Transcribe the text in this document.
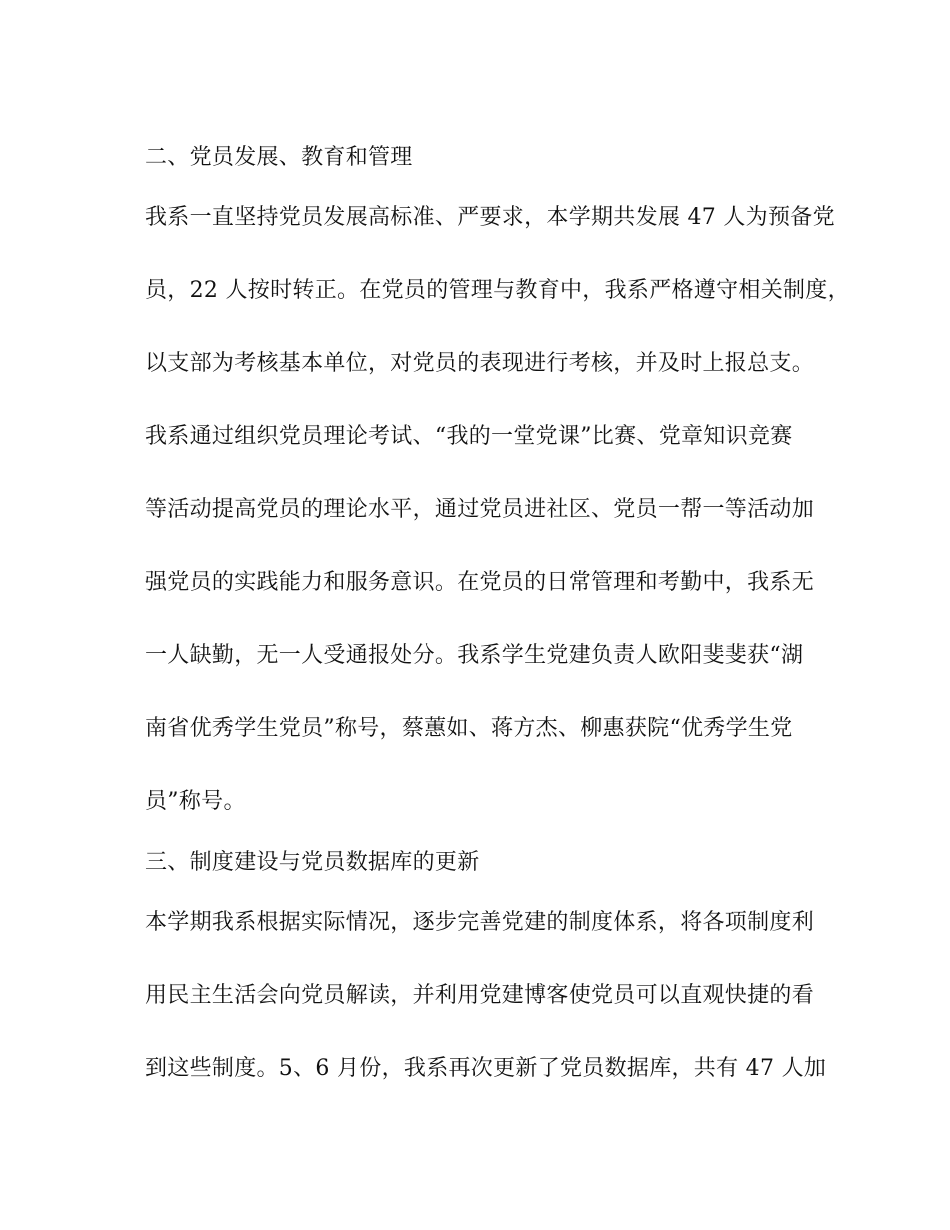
二、党员发展、教育和管理
我系一直坚持党员发展高标准、严要求，本学期共发展 47 人为预备党
员，22 人按时转正。在党员的管理与教育中，我系严格遵守相关制度，
以支部为考核基本单位，对党员的表现进行考核，并及时上报总支。
我系通过组织党员理论考试、“我的一堂党课”比赛、党章知识竞赛
等活动提高党员的理论水平，通过党员进社区、党员一帮一等活动加
强党员的实践能力和服务意识。在党员的日常管理和考勤中，我系无
一人缺勤，无一人受通报处分。我系学生党建负责人欧阳斐斐获“湖
南省优秀学生党员”称号，蔡蕙如、蒋方杰、柳惠获院“优秀学生党
员”称号。
三、制度建设与党员数据库的更新
本学期我系根据实际情况，逐步完善党建的制度体系，将各项制度利
用民主生活会向党员解读，并利用党建博客使党员可以直观快捷的看
到这些制度。5、6 月份，我系再次更新了党员数据库，共有 47 人加
